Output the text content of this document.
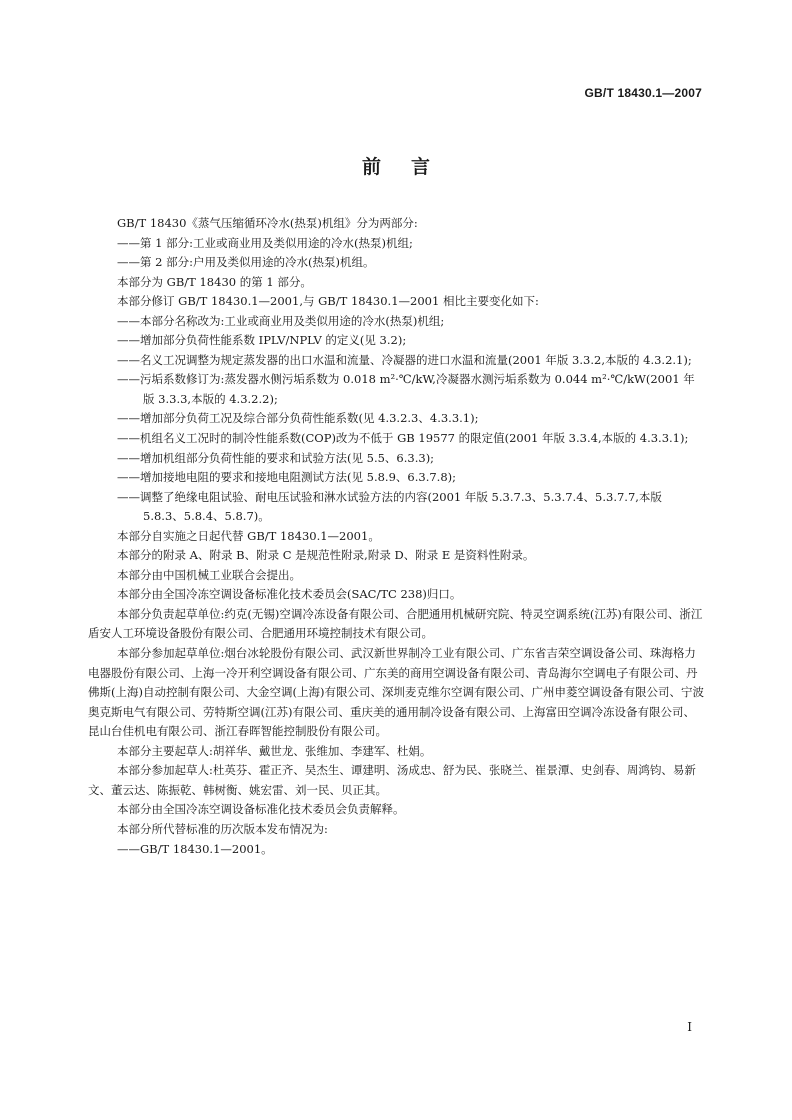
GB/T 18430.1—2007
前言

GB/T 18430《蒸气压缩循环冷水(热泵)机组》分为两部分:

——第 1 部分:工业或商业用及类似用途的冷水(热泵)机组;

——第 2 部分:户用及类似用途的冷水(热泵)机组。

本部分为 GB/T 18430 的第 1 部分。

本部分修订 GB/T 18430.1—2001,与 GB/T 18430.1—2001 相比主要变化如下:

——本部分名称改为:工业或商业用及类似用途的冷水(热泵)机组;

——增加部分负荷性能系数 IPLV/NPLV 的定义(见 3.2);

——名义工况调整为规定蒸发器的出口水温和流量、冷凝器的进口水温和流量(2001 年版 3.3.2,本版的 4.3.2.1);

——污垢系数修订为:蒸发器水侧污垢系数为 0.018 m²·℃/kW,冷凝器水测污垢系数为 0.044 m²·℃/kW(2001 年版 3.3.3,本版的 4.3.2.2);

——增加部分负荷工况及综合部分负荷性能系数(见 4.3.2.3、4.3.3.1);

——机组名义工况时的制冷性能系数(COP)改为不低于 GB 19577 的限定值(2001 年版 3.3.4,本版的 4.3.3.1);

——增加机组部分负荷性能的要求和试验方法(见 5.5、6.3.3);

——增加接地电阻的要求和接地电阻测试方法(见 5.8.9、6.3.7.8);

——调整了绝缘电阻试验、耐电压试验和淋水试验方法的内容(2001 年版 5.3.7.3、5.3.7.4、5.3.7.7,本版 5.8.3、5.8.4、5.8.7)。

本部分自实施之日起代替 GB/T 18430.1—2001。

本部分的附录 A、附录 B、附录 C 是规范性附录,附录 D、附录 E 是资料性附录。

本部分由中国机械工业联合会提出。

本部分由全国冷冻空调设备标准化技术委员会(SAC/TC 238)归口。

本部分负责起草单位:约克(无锡)空调冷冻设备有限公司、合肥通用机械研究院、特灵空调系统(江苏)有限公司、浙江盾安人工环境设备股份有限公司、合肥通用环境控制技术有限公司。

本部分参加起草单位:烟台冰轮股份有限公司、武汉新世界制冷工业有限公司、广东省吉荣空调设备公司、珠海格力电器股份有限公司、上海一冷开利空调设备有限公司、广东美的商用空调设备有限公司、青岛海尔空调电子有限公司、丹佛斯(上海)自动控制有限公司、大金空调(上海)有限公司、深圳麦克维尔空调有限公司、广州申菱空调设备有限公司、宁波奥克斯电气有限公司、劳特斯空调(江苏)有限公司、重庆美的通用制冷设备有限公司、上海富田空调冷冻设备有限公司、昆山台佳机电有限公司、浙江春晖智能控制股份有限公司。

本部分主要起草人:胡祥华、戴世龙、张维加、李建军、杜娟。

本部分参加起草人:杜英芬、霍正齐、吴杰生、谭建明、汤成忠、舒为民、张晓兰、崔景潭、史剑春、周鸿钧、易新文、董云达、陈振乾、韩树衡、姚宏雷、刘一民、贝正其。

本部分由全国冷冻空调设备标准化技术委员会负责解释。

本部分所代替标准的历次版本发布情况为:

——GB/T 18430.1—2001。

I
